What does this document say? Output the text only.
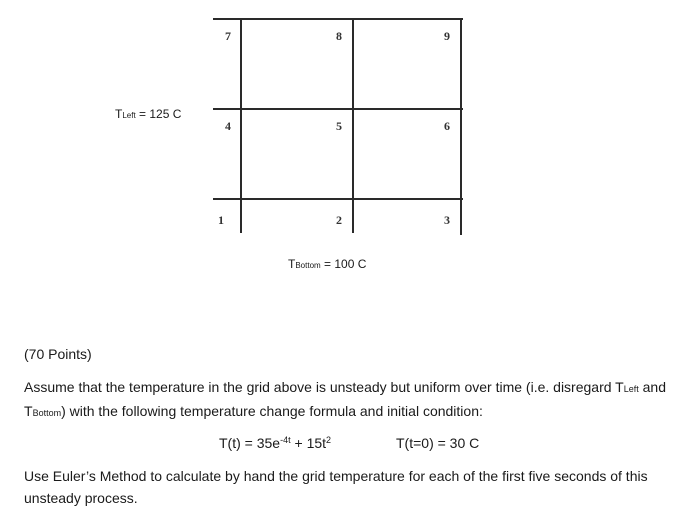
7	8	9
4	5	6
1	2	3
TLeft = 125 C
TBottom = 100 C
(70 Points)
Assume that the temperature in the grid above is unsteady but uniform over time (i.e. disregard TLeft and TBottom) with the following temperature change formula and initial condition:
$T(t) = 35e^{-4t} + 15t^2$	T(t=0) = 30 C
Use Euler’s Method to calculate by hand the grid temperature for each of the first five seconds of this unsteady process.
